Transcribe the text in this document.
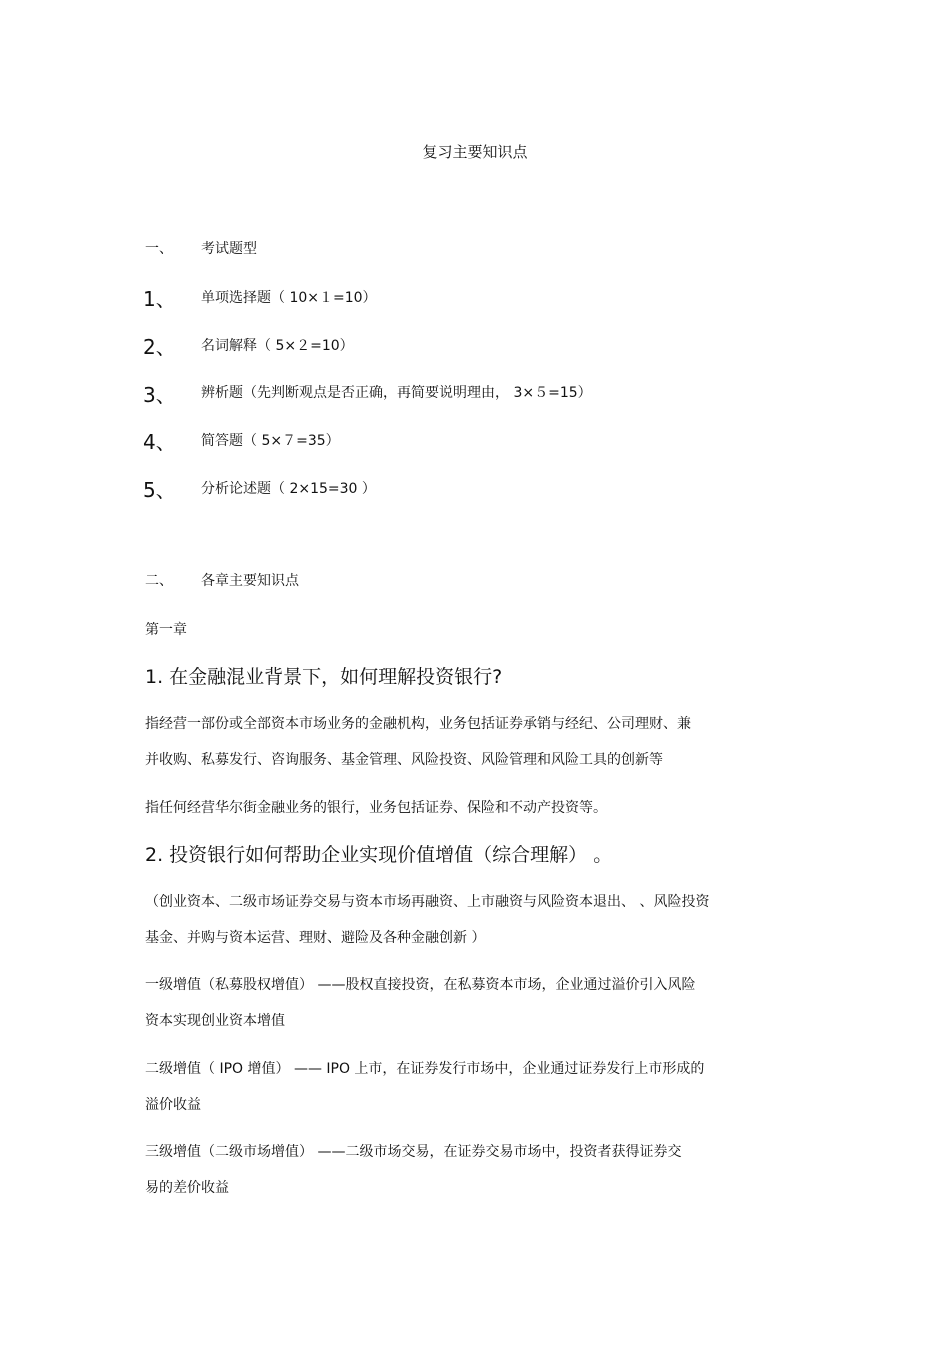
复习主要知识点
一、 考试题型
1、 单项选择题（ 10×１=10）
2、 名词解释（ 5×２=10）
3、 辨析题（先判断观点是否正确，再简要说明理由， 3×５=15）
4、 简答题（ 5×７=35）
5、 分析论述题（ 2×15=30 ）
二、 各章主要知识点
第一章
1. 在金融混业背景下，如何理解投资银行?
指经营一部份或全部资本市场业务的金融机构，业务包括证券承销与经纪、公司理财、兼
并收购、私募发行、咨询服务、基金管理、风险投资、风险管理和风险工具的创新等
指任何经营华尔街金融业务的银行，业务包括证券、保险和不动产投资等。
2. 投资银行如何帮助企业实现价值增值（综合理解） 。
（创业资本、二级市场证券交易与资本市场再融资、上市融资与风险资本退出、 、风险投资
基金、并购与资本运营、理财、避险及各种金融创新 ）
一级增值（私募股权增值） ——股权直接投资，在私募资本市场，企业通过溢价引入风险
资本实现创业资本增值
二级增值（ IPO 增值） —— IPO 上市，在证券发行市场中，企业通过证券发行上市形成的
溢价收益
三级增值（二级市场增值） ——二级市场交易，在证券交易市场中，投资者获得证券交
易的差价收益
